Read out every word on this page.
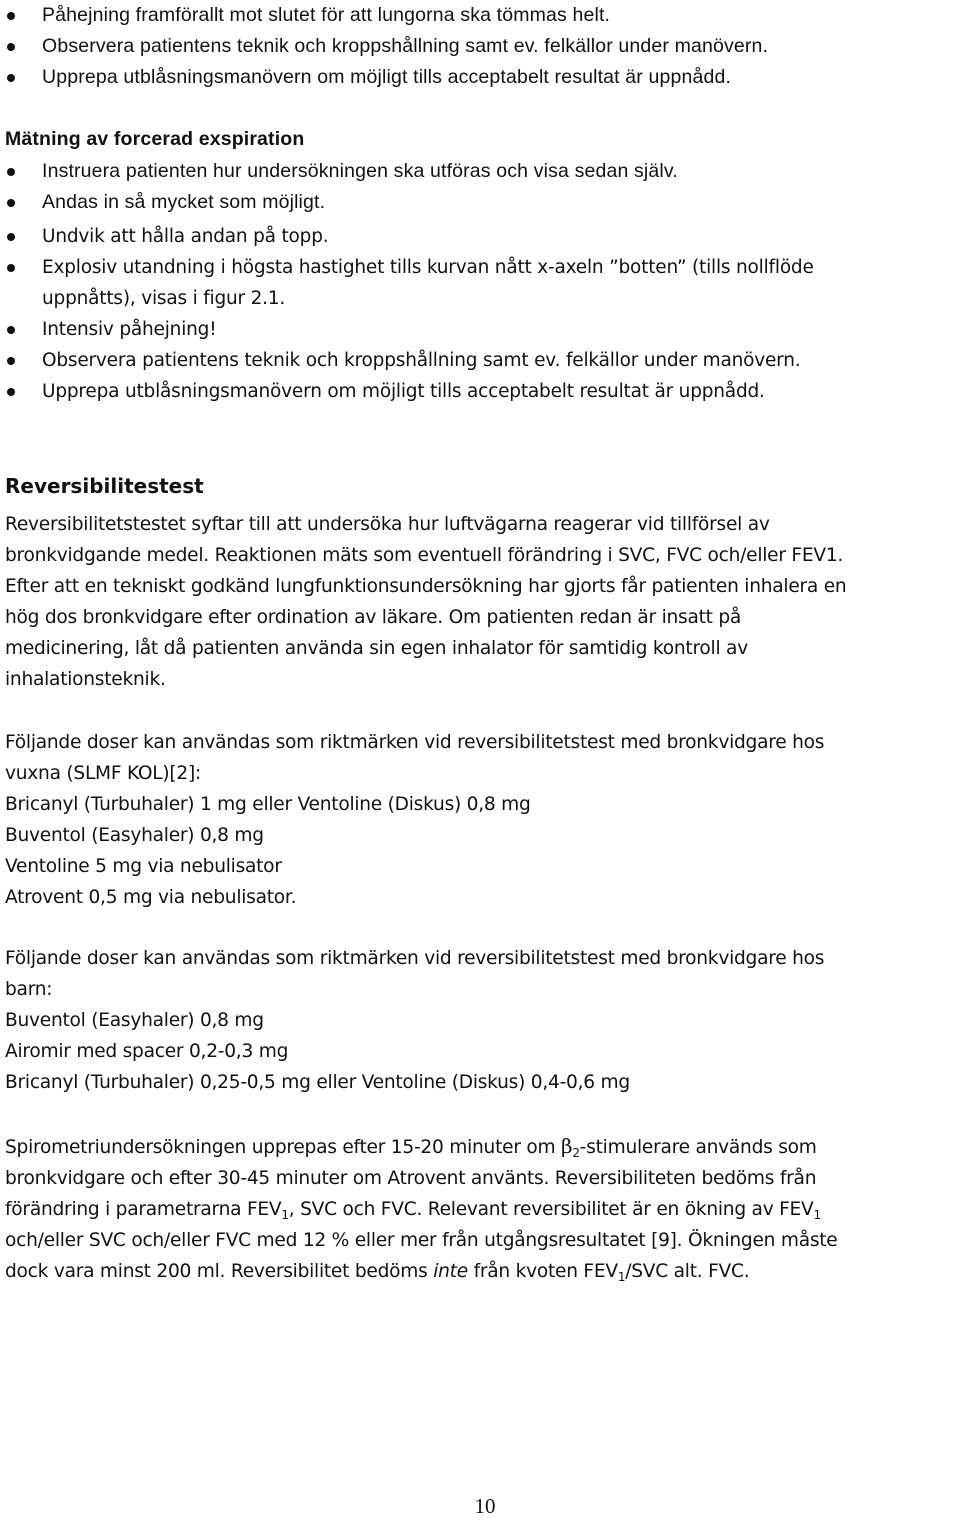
Påhejning framförallt mot slutet för att lungorna ska tömmas helt.
Observera patientens teknik och kroppshållning samt ev. felkällor under manövern.
Upprepa utblåsningsmanövern om möjligt tills acceptabelt resultat är uppnådd.
Mätning av forcerad exspiration
Instruera patienten hur undersökningen ska utföras och visa sedan själv.
Andas in så mycket som möjligt.
Undvik att hålla andan på topp.
Explosiv utandning i högsta hastighet tills kurvan nått x-axeln ”botten” (tills nollflöde
uppnåtts), visas i figur 2.1.
Intensiv påhejning!
Observera patientens teknik och kroppshållning samt ev. felkällor under manövern.
Upprepa utblåsningsmanövern om möjligt tills acceptabelt resultat är uppnådd.
Reversibilitestest

Reversibilitetstestet syftar till att undersöka hur luftvägarna reagerar vid tillförsel av
bronkvidgande medel. Reaktionen mäts som eventuell förändring i SVC, FVC och/eller FEV1.
Efter att en tekniskt godkänd lungfunktionsundersökning har gjorts får patienten inhalera en
hög dos bronkvidgare efter ordination av läkare. Om patienten redan är insatt på
medicinering, låt då patienten använda sin egen inhalator för samtidig kontroll av
inhalationsteknik.

Följande doser kan användas som riktmärken vid reversibilitetstest med bronkvidgare hos
vuxna (SLMF KOL)[2]:
Bricanyl (Turbuhaler) 1 mg eller Ventoline (Diskus) 0,8 mg
Buventol (Easyhaler) 0,8 mg
Ventoline 5 mg via nebulisator
Atrovent 0,5 mg via nebulisator.

Följande doser kan användas som riktmärken vid reversibilitetstest med bronkvidgare hos
barn:
Buventol (Easyhaler) 0,8 mg
Airomir med spacer 0,2-0,3 mg
Bricanyl (Turbuhaler) 0,25-0,5 mg eller Ventoline (Diskus) 0,4-0,6 mg

Spirometriundersökningen upprepas efter 15-20 minuter om $\beta_2$-stimulerare används som
bronkvidgare och efter 30-45 minuter om Atrovent använts. Reversibiliteten bedöms från
förändring i parametrarna $FEV_1$, SVC och FVC. Relevant reversibilitet är en ökning av $FEV_1$
och/eller SVC och/eller FVC med 12 % eller mer från utgångsresultatet [9]. Ökningen måste
dock vara minst 200 ml. Reversibilitet bedöms inte från kvoten $FEV_1$/SVC alt. FVC.

10
